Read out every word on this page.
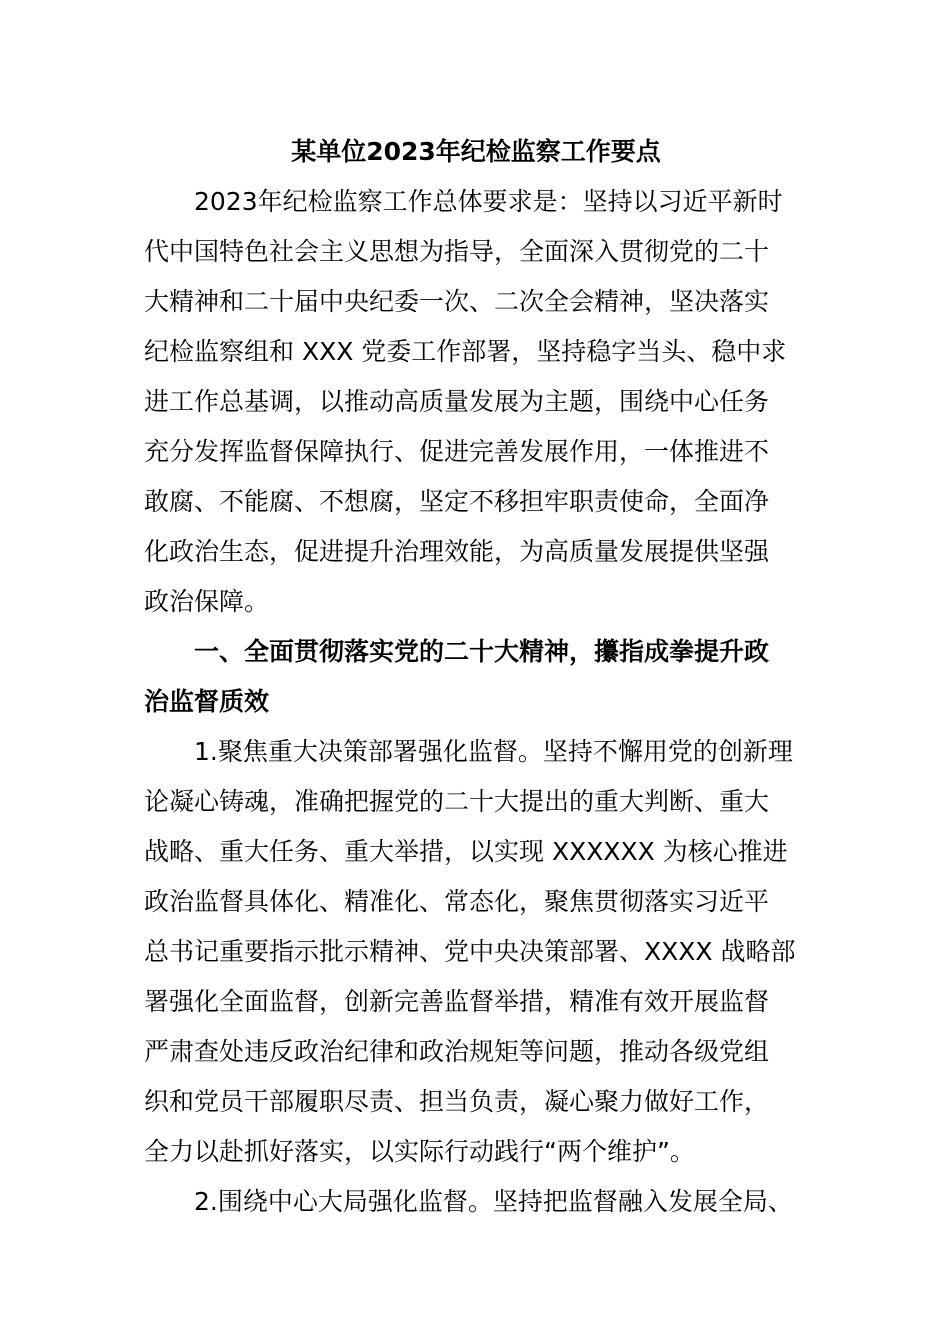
某单位2023年纪检监察工作要点
2023年纪检监察工作总体要求是：坚持以习近平新时
代中国特色社会主义思想为指导，全面深入贯彻党的二十
大精神和二十届中央纪委一次、二次全会精神，坚决落实
纪检监察组和 XXX 党委工作部署，坚持稳字当头、稳中求
进工作总基调，以推动高质量发展为主题，围绕中心任务
充分发挥监督保障执行、促进完善发展作用，一体推进不
敢腐、不能腐、不想腐，坚定不移担牢职责使命，全面净
化政治生态，促进提升治理效能，为高质量发展提供坚强
政治保障。
一、全面贯彻落实党的二十大精神，攥指成拳提升政
治监督质效
1.聚焦重大决策部署强化监督。坚持不懈用党的创新理
论凝心铸魂，准确把握党的二十大提出的重大判断、重大
战略、重大任务、重大举措，以实现 XXXXXX 为核心推进
政治监督具体化、精准化、常态化，聚焦贯彻落实习近平
总书记重要指示批示精神、党中央决策部署、XXXX 战略部
署强化全面监督，创新完善监督举措，精准有效开展监督
严肃查处违反政治纪律和政治规矩等问题，推动各级党组
织和党员干部履职尽责、担当负责，凝心聚力做好工作，
全力以赴抓好落实，以实际行动践行“两个维护”。
2.围绕中心大局强化监督。坚持把监督融入发展全局、
